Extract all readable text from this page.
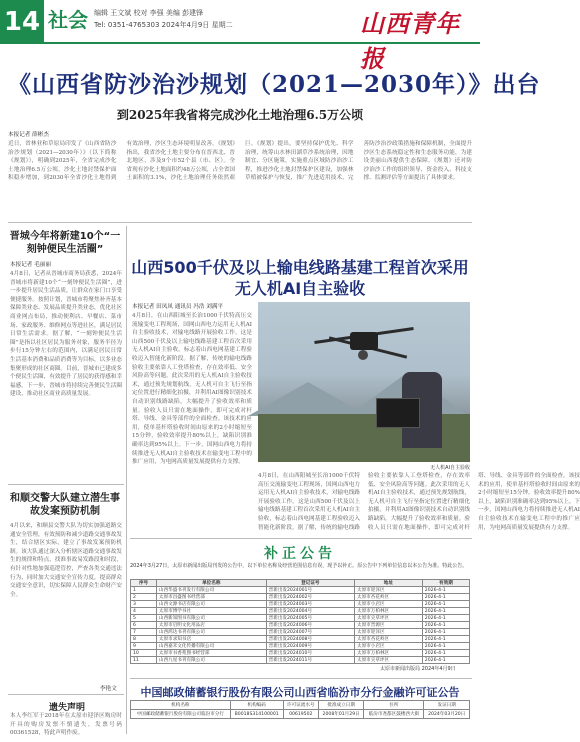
14 社会 编辑 王文斌 校对 李强 美编 彭建锋
Tel: 0351-4765303 2024年4月9日 星期二	山西青年报
《山西省防沙治沙规划（2021—2030年）》出台
到2025年我省将完成沙化土地治理6.5万公顷
本报记者 薛彬杰
近日，省林业和草原局印发了《山西省防沙治沙规划（2021—2030年）》（以下简称《规划》），明确到2025年，全省完成沙化土地治理6.5万公顷，沙化土地封禁保护面积稳步增加，到2030年全省沙化土地得到有效治理，沙区生态环境明显改善。《规划》指出，我省沙化土地主要分布在晋西北、晋北地区，涉及9个市52个县（市、区）。全省现有沙化土地面积约48万公顷，占全省国土面积的3.1%，沙化土地治理任务依然艰巨。《规划》提出，要坚持保护优先、科学治理，统筹山水林田湖草沙系统治理，因地制宜、分区施策，实施重点区域防沙治沙工程，推进沙化土地封禁保护区建设，加强林草植被保护与恢复，推广先进适用技术，完善防沙治沙政策措施和保障机制，全面提升沙区生态系统稳定性和生态服务功能，为建设美丽山西提供生态保障。《规划》还对防沙治沙工作的组织领导、资金投入、科技支撑、监测评估等方面提出了具体要求。
晋城今年将新建10个“一刻钟便民生活圈”
本报记者 毛丽丽
4月8日，记者从晋城市商务局获悉，2024年晋城市将新建10个“一刻钟便民生活圈”，进一步提升居民生活品质，让群众在家门口享受便捷服务。按照计划，晋城市将聚焦补齐基本保障类业态、发展品质提升类业态，优化社区商业网点布局，推动便利店、早餐店、菜市场、家政服务、维修网点等进社区，满足居民日常生活需求。据了解，“一刻钟便民生活圈”是指以社区居民为服务对象，服务半径为步行15分钟左右的范围内，以满足居民日常生活基本消费和品质消费等为目标，以多业态集聚形成的社区商圈。目前，晋城市已建成多个便民生活圈，有效提升了居民的获得感和幸福感。下一步，晋城市将持续完善便民生活圈建设，推动社区商业高质量发展。
和顺交警大队建立潜生事故发案预防机制
4月以来，和顺县交警大队为切实加强道路交通安全管理，有效预防和减少道路交通事故发生，结合辖区实际，建立了事故发案预防机制。该大队通过深入分析辖区道路交通事故发生的规律和特点，找准事故易发路段和时段，有针对性地加强巡逻管控，严查各类交通违法行为，同时加大交通安全宣传力度，提高群众交通安全意识，切实保障人民群众生命财产安全。
李艳文
遗失声明
本人李红军于2018年在太原市迎泽区购房时开具的购房发票不慎遗失，发票号码00361528，特此声明作废。
山西500千伏及以上输电线路基建工程首次采用无人机AI自主验收
本报记者 田凤凤 通讯员 冯浩 刘满平
4月8日，在山西阳城至长治1000千伏特高压交流输变电工程现场，国网山西电力运用无人机AI自主验收技术，对输电线路开展验收工作。这是山西500千伏及以上输电线路基建工程首次采用无人机AI自主验收，标志着山西电网基建工程验收迈入智能化新阶段。据了解，传统的输电线路验收主要依靠人工登塔检查，存在效率低、安全风险高等问题。此次采用的无人机AI自主验收技术，通过预先规划航线，无人机可自主飞行至指定位置进行精细化拍摄，并利用AI图像识别技术自动识别线路缺陷，大幅提升了验收效率和质量。验收人员只需在地面操作，即可完成对杆塔、导线、金具等部件的全面检查。该技术的应用，使单基杆塔验收时间由原来的2小时缩短至15分钟，验收效率提升80%以上，缺陷识别准确率达到95%以上。下一步，国网山西电力将持续推进无人机AI自主验收技术在输变电工程中的推广应用，为电网高质量发展提供有力支撑。
4月8日，在山西阳城至长治1000千伏特高压交流输变电工程现场，国网山西电力运用无人机AI自主验收技术，对输电线路开展验收工作。这是山西500千伏及以上输电线路基建工程首次采用无人机AI自主验收，标志着山西电网基建工程验收迈入智能化新阶段。据了解，传统的输电线路验收主要依靠人工登塔检查，存在效率低、安全风险高等问题。此次采用的无人机AI自主验收技术，通过预先规划航线，无人机可自主飞行至指定位置进行精细化拍摄，并利用AI图像识别技术自动识别线路缺陷，大幅提升了验收效率和质量。验收人员只需在地面操作，即可完成对杆塔、导线、金具等部件的全面检查。该技术的应用，使单基杆塔验收时间由原来的2小时缩短至15分钟，验收效率提升80%以上，缺陷识别准确率达到95%以上。下一步，国网山西电力将持续推进无人机AI自主验收技术在输变电工程中的推广应用，为电网高质量发展提供有力支撑。
无人机AI自主验收
补正公告
2024年3月27日，太原市新闻出版局刊发的公告中，以下单位名称及经营范围信息有误，现予以补正。原公告中下列单位信息以本公告为准。特此公告。
序号	单位名称	登记证号	地址	有效期
1	山西华盛书刊发行有限公司	晋新出发2024001号	太原市迎泽区	2026-4-1
2	太原市昌盛图书经营部	晋新出发2024002号	太原市杏花岭区	2026-4-1
3	山西文源书店有限公司	晋新出发2024003号	太原市小店区	2026-4-1
4	太原市博学书社	晋新出发2024004号	太原市万柏林区	2026-4-1
5	山西新知图书有限公司	晋新出发2024005号	太原市尖草坪区	2026-4-1
6	太原市启明文化用品店	晋新出发2024006号	太原市晋源区	2026-4-1
7	山西鸿达书刊有限公司	晋新出发2024007号	太原市迎泽区	2026-4-1
8	太原市求知书店	晋新出发2024008号	太原市杏花岭区	2026-4-1
9	山西嘉禾文化传播有限公司	晋新出发2024009号	太原市小店区	2026-4-1
10	太原市书香苑图书经营部	晋新出发2024010号	太原市万柏林区	2026-4-1
11	山西九星书刊有限公司	晋新出发2024011号	太原市尖草坪区	2026-4-1
太原市新闻出版局 2024年4月9日
中国邮政储蓄银行股份有限公司山西省临汾市分行金融许可证公告
机构名称	机构编码	许可证流水号	批准成立日期	住所	发证日期
中国邮政储蓄银行股份有限公司临汾市分行	B0018S314100001	00619502	2008年01月29日	临汾市尧都区鼓楼西大街	2024年03月20日
